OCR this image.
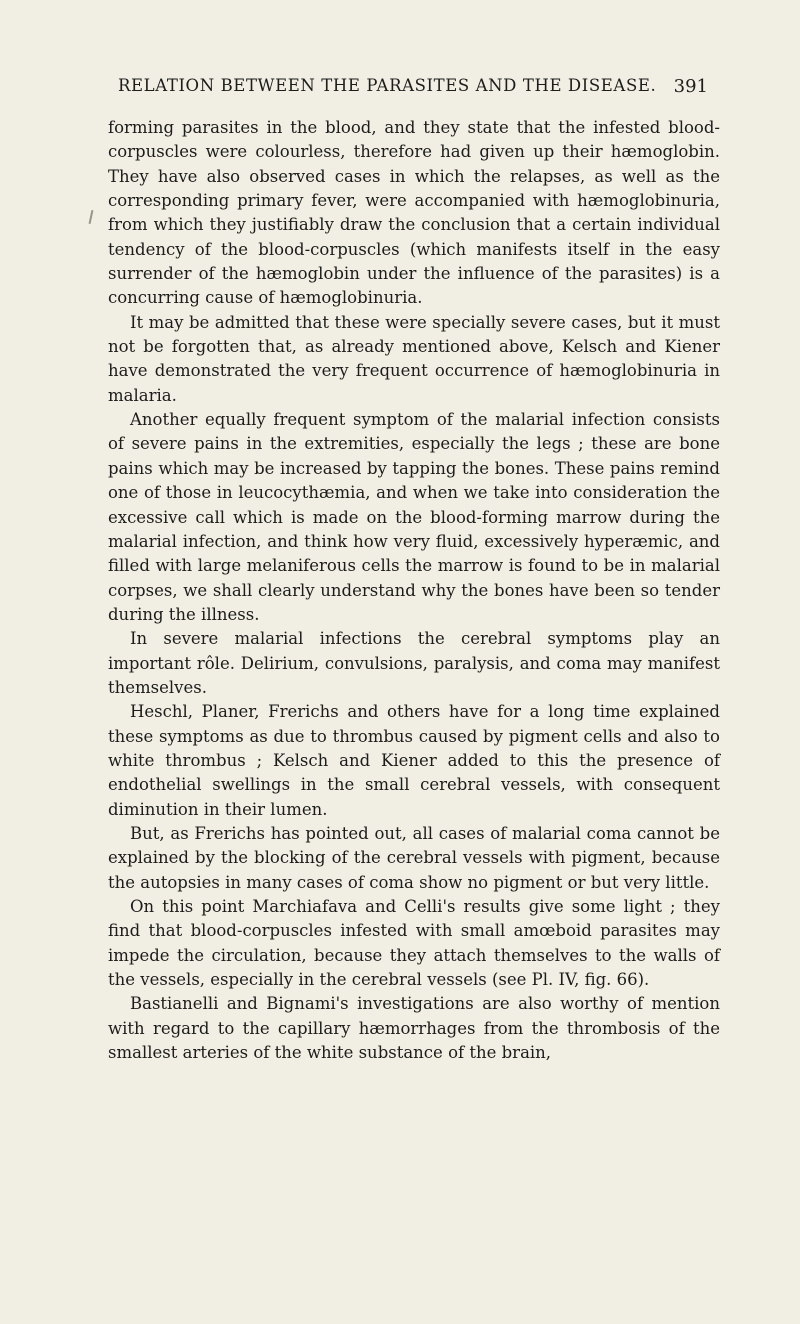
RELATION BETWEEN THE PARASITES AND THE DISEASE. 391

forming parasites in the blood, and they state that the infested blood-corpuscles were colourless, therefore had given up their hæmoglobin. They have also observed cases in which the relapses, as well as the corresponding primary fever, were accompanied with hæmoglobinuria, from which they justifiably draw the conclusion that a certain individual tendency of the blood-corpuscles (which manifests itself in the easy surrender of the hæmoglobin under the influence of the parasites) is a concurring cause of hæmoglobinuria.

It may be admitted that these were specially severe cases, but it must not be forgotten that, as already mentioned above, Kelsch and Kiener have demonstrated the very frequent occurrence of hæmoglobinuria in malaria.

Another equally frequent symptom of the malarial infection consists of severe pains in the extremities, especially the legs ; these are bone pains which may be increased by tapping the bones. These pains remind one of those in leucocythæmia, and when we take into consideration the excessive call which is made on the blood-forming marrow during the malarial infection, and think how very fluid, excessively hyperæmic, and filled with large melaniferous cells the marrow is found to be in malarial corpses, we shall clearly understand why the bones have been so tender during the illness.

In severe malarial infections the cerebral symptoms play an important rôle. Delirium, convulsions, paralysis, and coma may manifest themselves.

Heschl, Planer, Frerichs and others have for a long time explained these symptoms as due to thrombus caused by pigment cells and also to white thrombus ; Kelsch and Kiener added to this the presence of endothelial swellings in the small cerebral vessels, with consequent diminution in their lumen.

But, as Frerichs has pointed out, all cases of malarial coma cannot be explained by the blocking of the cerebral vessels with pigment, because the autopsies in many cases of coma show no pigment or but very little.

On this point Marchiafava and Celli's results give some light ; they find that blood-corpuscles infested with small amœboid parasites may impede the circulation, because they attach themselves to the walls of the vessels, especially in the cerebral vessels (see Pl. IV, fig. 66).

Bastianelli and Bignami's investigations are also worthy of mention with regard to the capillary hæmorrhages from the thrombosis of the smallest arteries of the white substance of the brain,
